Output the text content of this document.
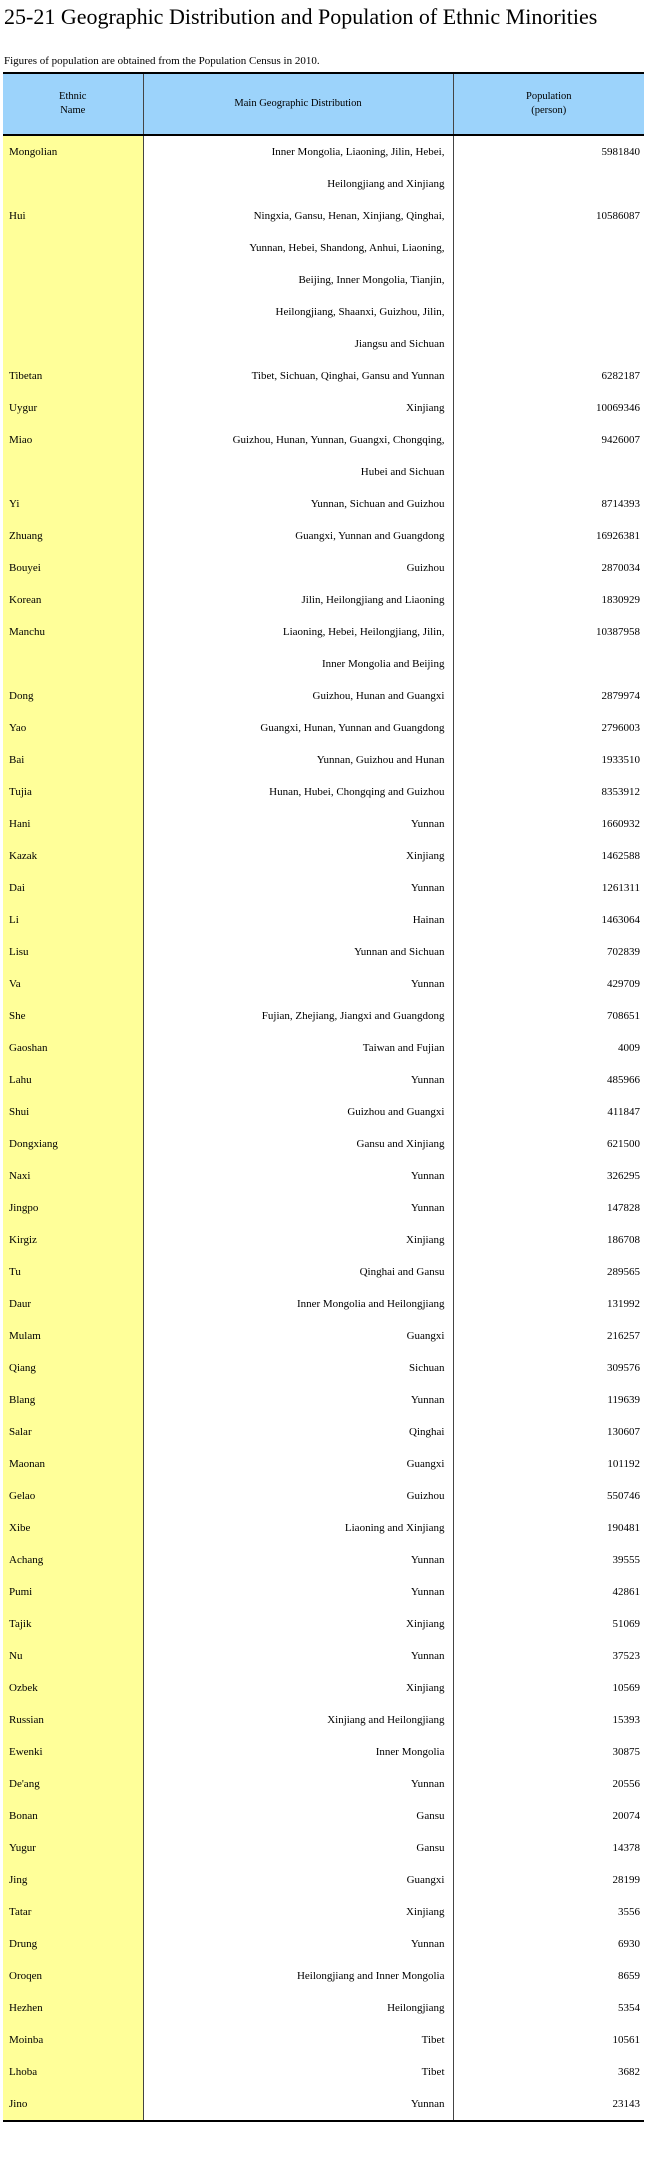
25-21 Geographic Distribution and Population of Ethnic Minorities
Figures of population are obtained from the Population Census in 2010.
Ethnic
Name	Main Geographic Distribution	Population
(person)

Mongolian	Inner Mongolia, Liaoning, Jilin, Hebei,
Heilongjiang and Xinjiang	5981840
Hui	Ningxia, Gansu, Henan, Xinjiang, Qinghai,
Yunnan, Hebei, Shandong, Anhui, Liaoning,
Beijing, Inner Mongolia, Tianjin,
Heilongjiang, Shaanxi, Guizhou, Jilin,
Jiangsu and Sichuan	10586087
Tibetan	Tibet, Sichuan, Qinghai, Gansu and Yunnan	6282187
Uygur	Xinjiang	10069346
Miao	Guizhou, Hunan, Yunnan, Guangxi, Chongqing,
Hubei and Sichuan	9426007
Yi	Yunnan, Sichuan and Guizhou	8714393
Zhuang	Guangxi, Yunnan and Guangdong	16926381
Bouyei	Guizhou	2870034
Korean	Jilin, Heilongjiang and Liaoning	1830929
Manchu	Liaoning, Hebei, Heilongjiang, Jilin,
Inner Mongolia and Beijing	10387958
Dong	Guizhou, Hunan and Guangxi	2879974
Yao	Guangxi, Hunan, Yunnan and Guangdong	2796003
Bai	Yunnan, Guizhou and Hunan	1933510
Tujia	Hunan, Hubei, Chongqing and Guizhou	8353912
Hani	Yunnan	1660932
Kazak	Xinjiang	1462588
Dai	Yunnan	1261311
Li	Hainan	1463064
Lisu	Yunnan and Sichuan	702839
Va	Yunnan	429709
She	Fujian, Zhejiang, Jiangxi and Guangdong	708651
Gaoshan	Taiwan and Fujian	4009
Lahu	Yunnan	485966
Shui	Guizhou and Guangxi	411847
Dongxiang	Gansu and Xinjiang	621500
Naxi	Yunnan	326295
Jingpo	Yunnan	147828
Kirgiz	Xinjiang	186708
Tu	Qinghai and Gansu	289565
Daur	Inner Mongolia and Heilongjiang	131992
Mulam	Guangxi	216257
Qiang	Sichuan	309576
Blang	Yunnan	119639
Salar	Qinghai	130607
Maonan	Guangxi	101192
Gelao	Guizhou	550746
Xibe	Liaoning and Xinjiang	190481
Achang	Yunnan	39555
Pumi	Yunnan	42861
Tajik	Xinjiang	51069
Nu	Yunnan	37523
Ozbek	Xinjiang	10569
Russian	Xinjiang and Heilongjiang	15393
Ewenki	Inner Mongolia	30875
De'ang	Yunnan	20556
Bonan	Gansu	20074
Yugur	Gansu	14378
Jing	Guangxi	28199
Tatar	Xinjiang	3556
Drung	Yunnan	6930
Oroqen	Heilongjiang and Inner Mongolia	8659
Hezhen	Heilongjiang	5354
Moinba	Tibet	10561
Lhoba	Tibet	3682
Jino	Yunnan	23143
